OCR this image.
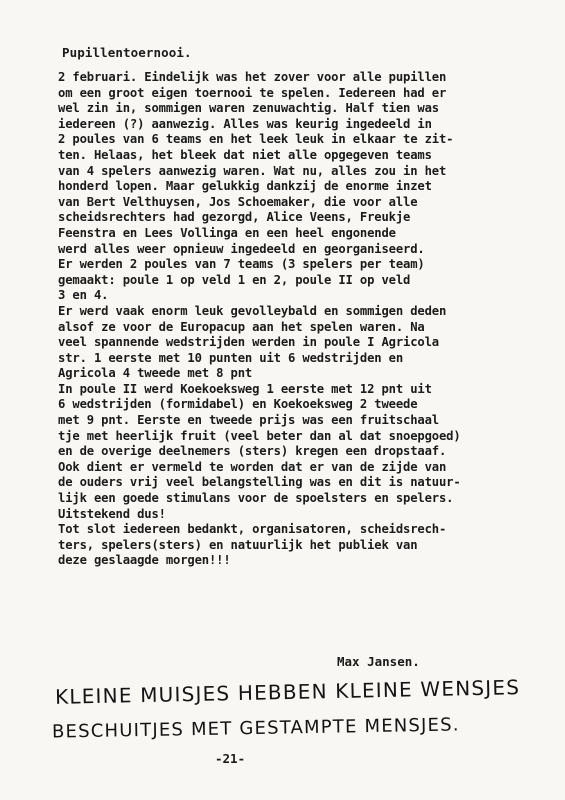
Pupillentoernooi.
2 februari. Eindelijk was het zover voor alle pupillen
om een groot eigen toernooi te spelen. Iedereen had er
wel zin in, sommigen waren zenuwachtig. Half tien was
iedereen (?) aanwezig. Alles was keurig ingedeeld in
2 poules van 6 teams en het leek leuk in elkaar te zit-
ten. Helaas, het bleek dat niet alle opgegeven teams
van 4 spelers aanwezig waren. Wat nu, alles zou in het
honderd lopen. Maar gelukkig dankzij de enorme inzet
van Bert Velthuysen, Jos Schoemaker, die voor alle
scheidsrechters had gezorgd, Alice Veens, Freukje
Feenstra en Lees Vollinga en een heel engonende
werd alles weer opnieuw ingedeeld en georganiseerd.
Er werden 2 poules van 7 teams (3 spelers per team)
gemaakt: poule 1 op veld 1 en 2, poule II op veld
3 en 4.
Er werd vaak enorm leuk gevolleybald en sommigen deden
alsof ze voor de Europacup aan het spelen waren. Na
veel spannende wedstrijden werden in poule I Agricola
str. 1 eerste met 10 punten uit 6 wedstrijden en
Agricola 4 tweede met 8 pnt
In poule II werd Koekoeksweg 1 eerste met 12 pnt uit
6 wedstrijden (formidabel) en Koekoeksweg 2 tweede
met 9 pnt. Eerste en tweede prijs was een fruitschaal
tje met heerlijk fruit (veel beter dan al dat snoepgoed)
en de overige deelnemers (sters) kregen een dropstaaf.
Ook dient er vermeld te worden dat er van de zijde van
de ouders vrij veel belangstelling was en dit is natuur-
lijk een goede stimulans voor de spoelsters en spelers.
Uitstekend dus!
Tot slot iedereen bedankt, organisatoren, scheidsrech-
ters, spelers(sters) en natuurlijk het publiek van
deze geslaagde morgen!!!
Max Jansen.
KLEINE MUISJES HEBBEN KLEINE WENSJES
BESCHUITJES MET GESTAMPTE MENSJES.
-21-
